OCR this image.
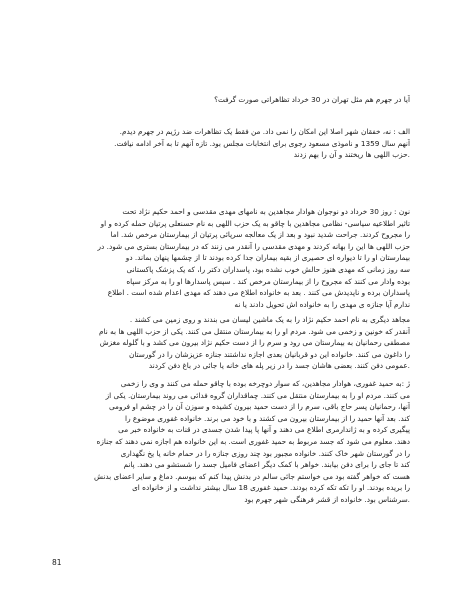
آیا در جهرم هم مثل تهران در 30 خرداد تظاهراتی صورت گرفت؟
الف : نه، خفقان شهر اصلا این امکان را نمی داد. من فقط یک تظاهرات ضد رژیم در جهرم دیدم.
آنهم سال 1359 و ناموذی مسعود رجوی برای انتخابات مجلس بود. تازه آنهم تا به آخر ادامه نیافت.
.حزب اللهی ها ریختند و آن را بهم زدند
نون : روز 30 خرداد دو نوجوان هوادار مجاهدین به نامهای مهدی مقدسی و احمد حکیم نژاد تحت
تاثیر اطلاعیه سیاسی- نظامی مجاهدین با چاقو به یک حزب اللهی به نام حسنعلی پرتیان حمله کرده و او
را مجروح کردند. جراحت شدید نبود و بعد از یک معالجه سرپائی پرتیان از بیمارستان مرخص شد. اما
حزب اللهی ها این را بهانه کردند و مهدی مقدسی را آنقدر می زنند که در بیمارستان بستری می شود. در
بیمارستان او را تا دیواره ای حصیری از بقیه بیماران جدا کرده بودند تا از چشمها پنهان بماند. دو
سه روز زمانی که مهدی هنوز حالش خوب نشده بود، پاسداران دکتر را، که یک پزشک پاکستانی
بوده وادار می کنند که مجروح را از بیمارستان مرخص کند . سپس پاسدارها او را به مرکز سپاه
پاسداران برده و ناپدیدش می کنند . بعد به خانواده اطلاع می دهند که مهدی اعدام شده است . اطلاع
ندارم آیا جنازه ی مهدی را به خانواده اش تحویل دادند یا نه
مجاهد دیگری به نام احمد حکیم نژاد را به یک ماشین لیسان می بندند و روی زمین می کشند .
آنقدر که خونین و زخمی می شود. مردم او را به بیمارستان منتقل می کنند. یکی از حزب اللهی ها به نام
مصطفی رحمانیان به بیمارستان می رود و سرم را از دست حکیم نژاد بیرون می کشد و با گلوله مغزش
را داغون می کنند. خانواده این دو قربانیان بعدی اجازه نداشتند جنازه عزیزشان را در گورستان
.عمومی دفن کنند. بعضی هاشان جسد را در زیر پله های خانه یا جائی در باغ دفن کردند
ژ :به حمید غفوری، هوادار مجاهدین، که سوار دوچرخه بوده با چاقو حمله می کنند و وی را زخمی
می کنند. مردم او را به بیمارستان منتقل می کنند. چماقداران گروه فدائی می روند بیمارستان. یکی از
آنها، رحمانیان پسر حاج باقی، سرم را از دست حمید بیرون کشیده و سوزن آن را در چشم او فرومی
کند. بعد آنها حمید را از بیمارستان بیرون می کشند و با خود می برند. خانواده غفوری موضوع را
پیگیری کرده و به ژاندارمری اطلاع می دهند و آنها پا پیدا شدن جسدی در قنات به خانواده خبر می
دهند. معلوم می شود که جسد مربوط به حمید غفوری است. به این خانواده هم اجازه نمی دهند که جنازه
را در گورستان شهر خاک کنند. خانواده مجبور بود چند روزی جنازه را در حمام خانه یا یخ نگهداری
کند تا جای را برای دفن بیابند. خواهر با کمک دیگر اعضای فامیل جسد را شستشو می دهند. پانم
هست که خواهر گفته بود می خواستم جائی سالم در بدنش پیدا کنم که ببوسم. دماغ و سایر اعضای بدنش
را بریده بودند. او را تکه تکه کرده بودند. حمید غفوری 18 سال بیشتر نداشت و از خانواده ای
.سرشناس بود. خانواده از قشر فرهنگی شهر جهرم بود
81
